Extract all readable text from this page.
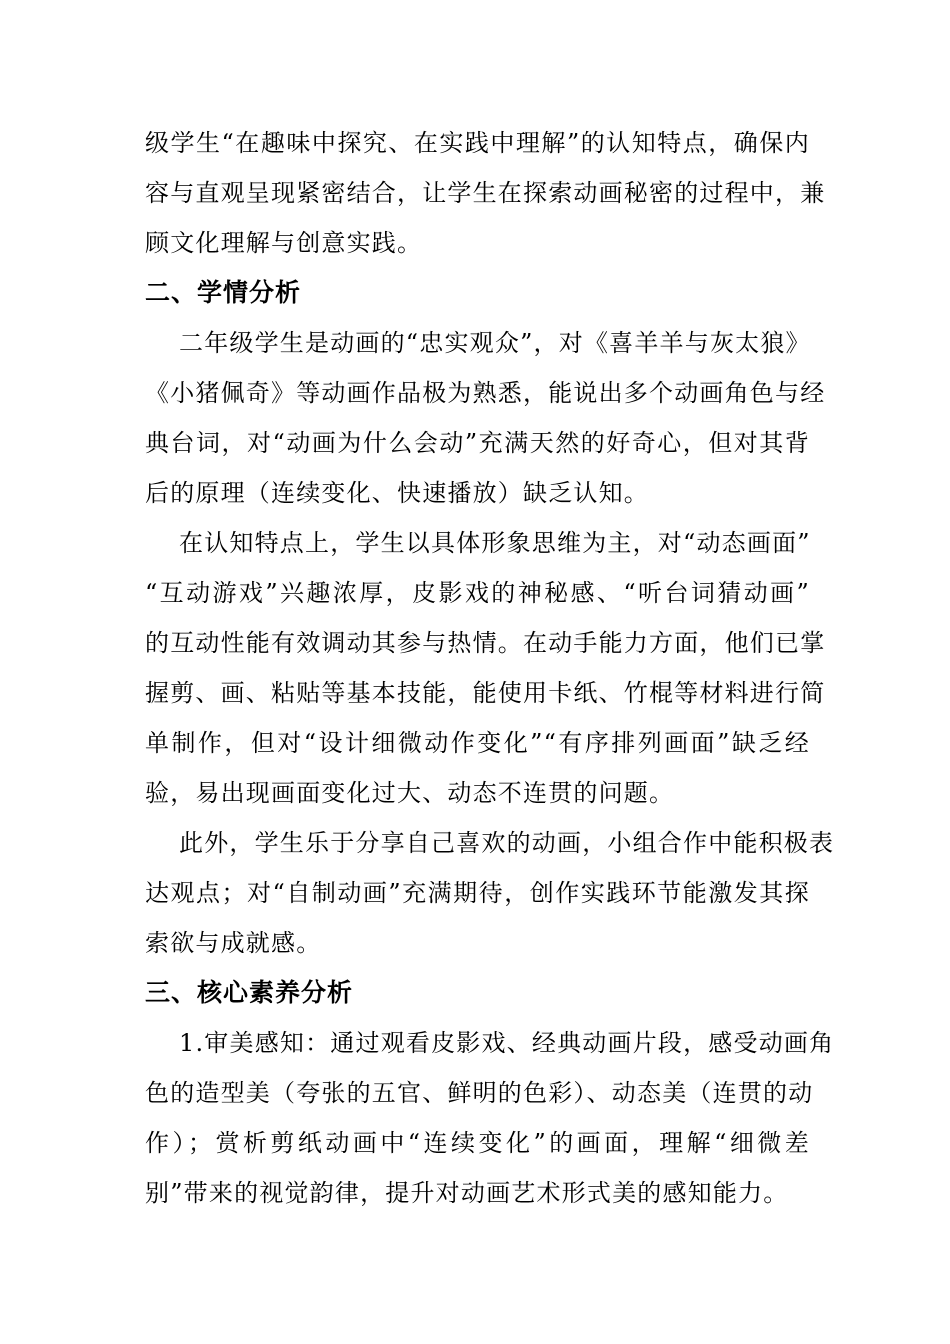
级学生“在趣味中探究、在实践中理解”的认知特点，确保内
容与直观呈现紧密结合，让学生在探索动画秘密的过程中，兼
顾文化理解与创意实践。
二、学情分析
二年级学生是动画的“忠实观众”，对《喜羊羊与灰太狼》
《小猪佩奇》等动画作品极为熟悉，能说出多个动画角色与经
典台词，对“动画为什么会动”充满天然的好奇心，但对其背
后的原理（连续变化、快速播放）缺乏认知。
在认知特点上，学生以具体形象思维为主，对“动态画面”
“互动游戏”兴趣浓厚，皮影戏的神秘感、“听台词猜动画”
的互动性能有效调动其参与热情。在动手能力方面，他们已掌
握剪、画、粘贴等基本技能，能使用卡纸、竹棍等材料进行简
单制作，但对“设计细微动作变化”“有序排列画面”缺乏经
验，易出现画面变化过大、动态不连贯的问题。
此外，学生乐于分享自己喜欢的动画，小组合作中能积极表
达观点；对“自制动画”充满期待，创作实践环节能激发其探
索欲与成就感。
三、核心素养分析
1.审美感知：通过观看皮影戏、经典动画片段，感受动画角
色的造型美（夸张的五官、鲜明的色彩）、动态美（连贯的动
作）；赏析剪纸动画中“连续变化”的画面，理解“细微差
别”带来的视觉韵律，提升对动画艺术形式美的感知能力。
